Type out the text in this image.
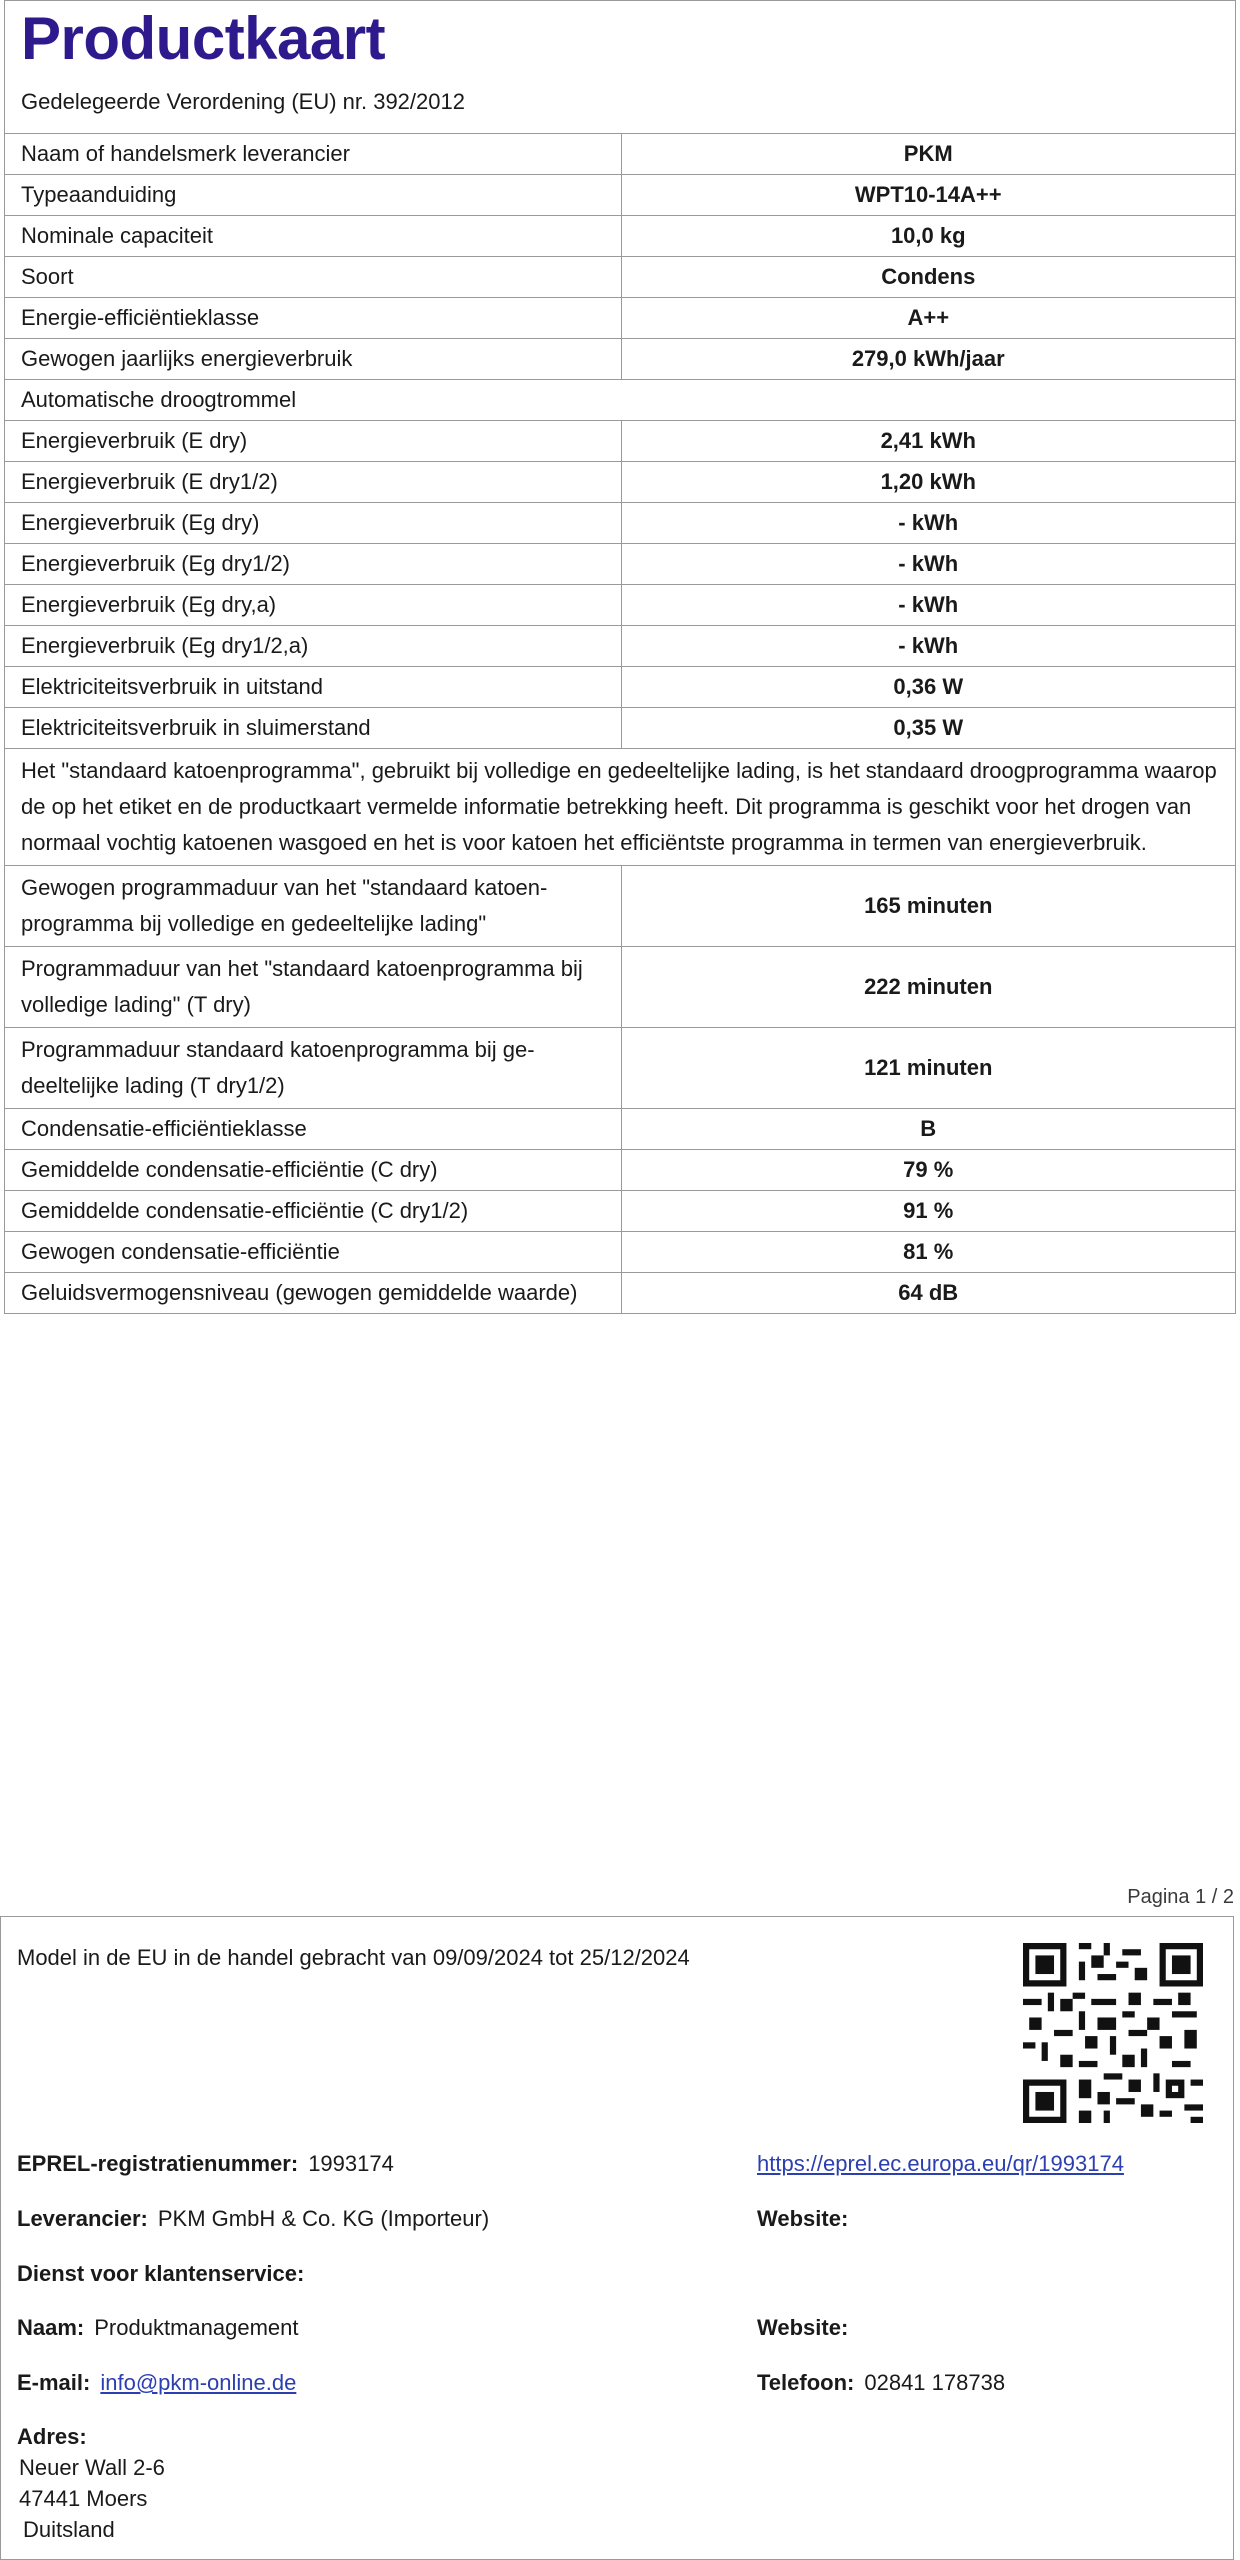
Productkaart
Gedelegeerde Verordening (EU) nr. 392/2012
Naam of handelsmerk leverancier	PKM
Typeaanduiding	WPT10-14A++
Nominale capaciteit	10,0 kg
Soort	Condens
Energie-efficiëntieklasse	A++
Gewogen jaarlijks energieverbruik	279,0 kWh/jaar
Automatische droogtrommel	
Energieverbruik (E dry)	2,41 kWh
Energieverbruik (E dry1/2)	1,20 kWh
Energieverbruik (Eg dry)	- kWh
Energieverbruik (Eg dry1/2)	- kWh
Energieverbruik (Eg dry,a)	- kWh
Energieverbruik (Eg dry1/2,a)	- kWh
Elektriciteitsverbruik in uitstand	0,36 W
Elektriciteitsverbruik in sluimerstand	0,35 W
Het "standaard katoenprogramma", gebruikt bij volledige en gedeeltelijke lading, is het standaard droogprogramma waarop de op het etiket en de productkaart vermelde informatie betrekking heeft. Dit programma is geschikt voor het drogen van normaal vochtig katoenen wasgoed en het is voor katoen het efficiëntste programma in termen van energieverbruik.	
Gewogen programmaduur van het "standaard katoen-programma bij volledige en gedeeltelijke lading"	165 minuten
Programmaduur van het "standaard katoenprogramma bij volledige lading" (T dry)	222 minuten
Programmaduur standaard katoenprogramma bij ge-deeltelijke lading (T dry1/2)	121 minuten
Condensatie-efficiëntieklasse	B
Gemiddelde condensatie-efficiëntie (C dry)	79 %
Gemiddelde condensatie-efficiëntie (C dry1/2)	91 %
Gewogen condensatie-efficiëntie	81 %
Geluidsvermogensniveau (gewogen gemiddelde waarde)	64 dB
Pagina 1 / 2
Model in de EU in de handel gebracht van 09/09/2024 tot 25/12/2024
EPREL-registratienummer: 1993174	https://eprel.ec.europa.eu/qr/1993174
Leverancier: PKM GmbH & Co. KG (Importeur)	Website:
Dienst voor klantenservice:
Naam: Produktmanagement	Website:
E-mail: info@pkm-online.de	Telefoon: 02841 178738
Adres:
Neuer Wall 2-6
47441 Moers
Duitsland
